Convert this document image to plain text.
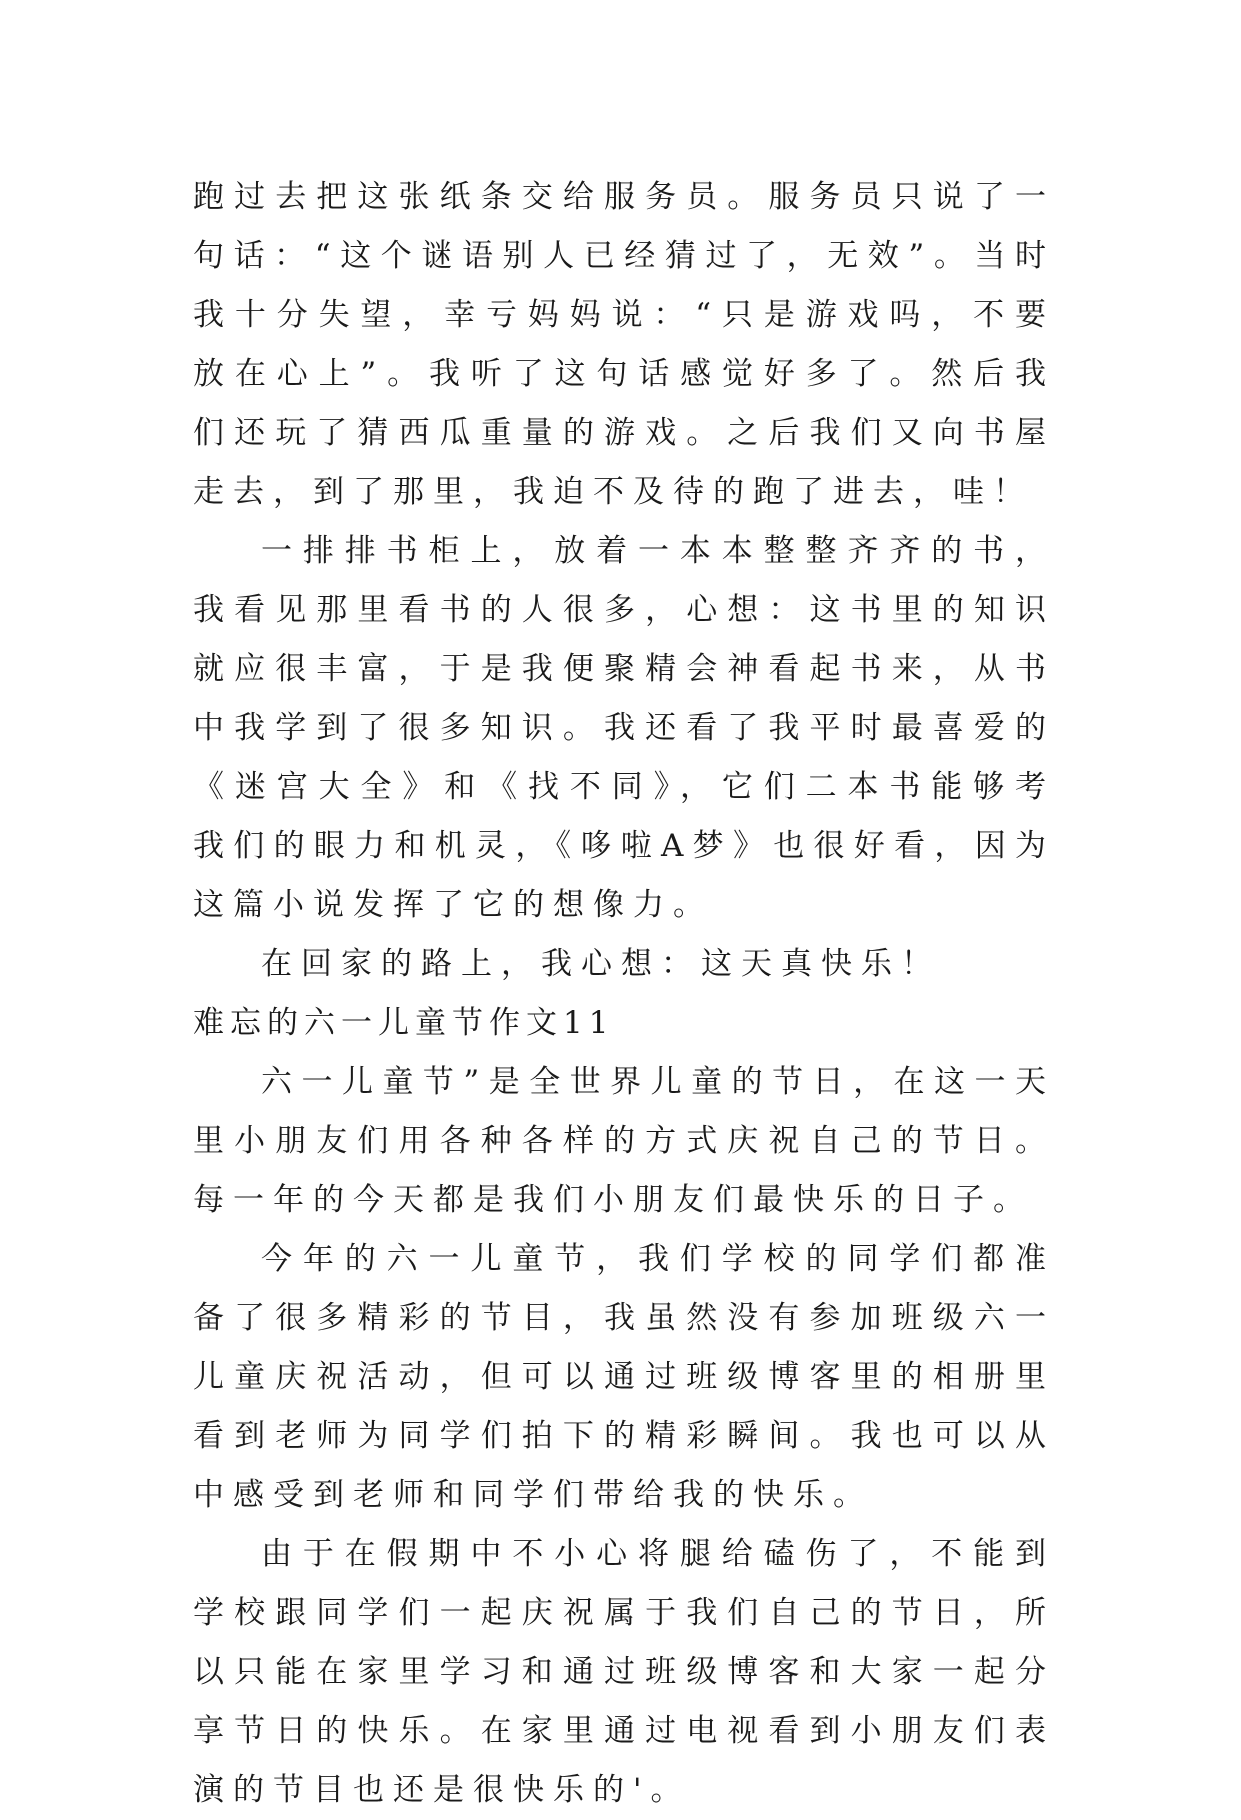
跑过去把这张纸条交给服务员。服务员只说了一句话：“这个谜语别人已经猜过了，无效”。当时我十分失望，幸亏妈妈说：“只是游戏吗，不要放在心上”。我听了这句话感觉好多了。然后我们还玩了猜西瓜重量的游戏。之后我们又向书屋走去，到了那里，我迫不及待的跑了进去，哇！

一排排书柜上，放着一本本整整齐齐的书，我看见那里看书的人很多，心想：这书里的知识就应很丰富，于是我便聚精会神看起书来，从书中我学到了很多知识。我还看了我平时最喜爱的《迷宫大全》和《找不同》，它们二本书能够考我们的眼力和机灵，《哆啦A梦》也很好看，因为这篇小说发挥了它的想像力。

在回家的路上，我心想：这天真快乐！

难忘的六一儿童节作文11

六一儿童节”是全世界儿童的节日，在这一天里小朋友们用各种各样的方式庆祝自己的节日。每一年的今天都是我们小朋友们最快乐的日子。

今年的六一儿童节，我们学校的同学们都准备了很多精彩的节目，我虽然没有参加班级六一儿童庆祝活动，但可以通过班级博客里的相册里看到老师为同学们拍下的精彩瞬间。我也可以从中感受到老师和同学们带给我的快乐。

由于在假期中不小心将腿给磕伤了，不能到学校跟同学们一起庆祝属于我们自己的节日，所以只能在家里学习和通过班级博客和大家一起分享节日的快乐。在家里通过电视看到小朋友们表演的节目也还是很快乐的'。
